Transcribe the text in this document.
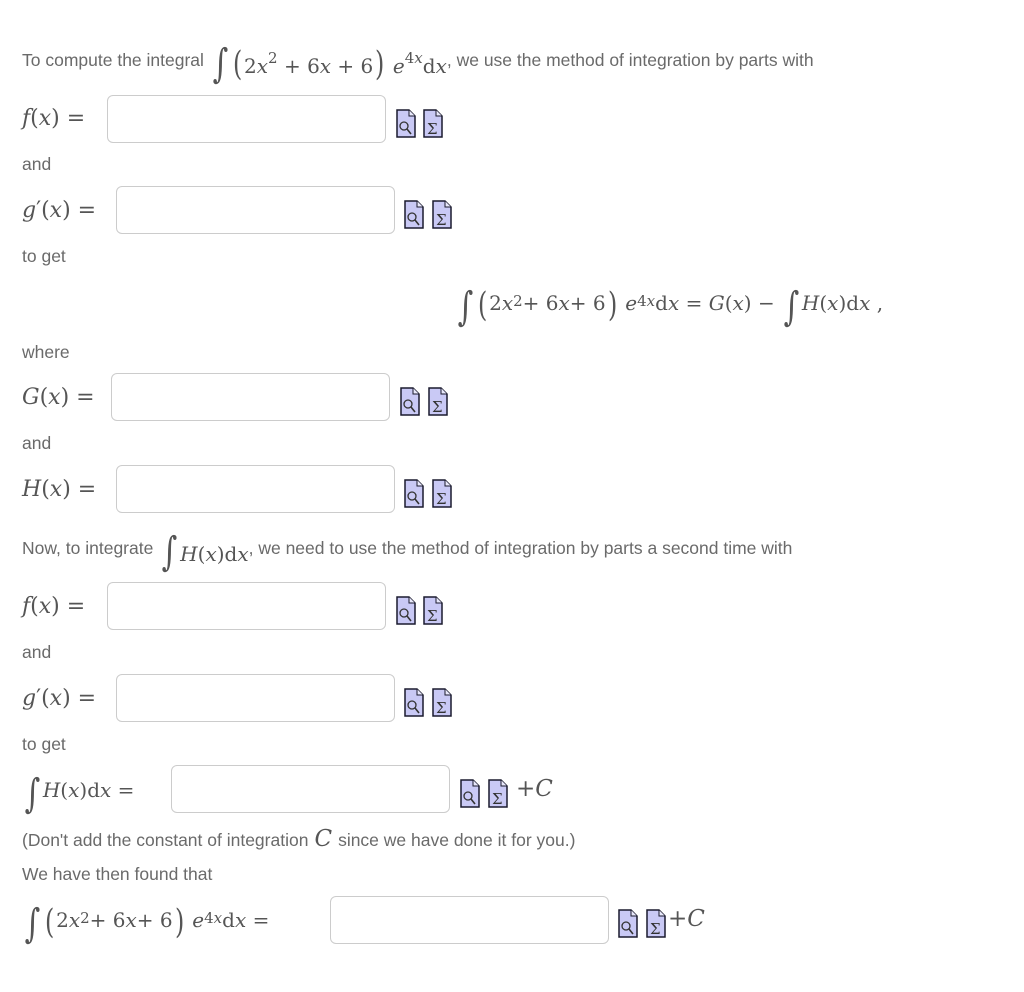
To compute the integral ∫ $(2x^2 + 6x + 6)$ $e^{4x}dx$ , we use the method of integration by parts with
f(x) =	Σ
and
g′(x) =	Σ
to get
∫ ( 2 $x^2 + 6$ x + 6 )
$e^{4x}$ d x = G ( x ) − ∫ H ( x )d x ,
where
G(x) =	Σ
and
H(x) =	Σ
Now, to integrate ∫ H(x)dx , we need to use the method of integration by parts a second time with
f(x) =	Σ
and
g′(x) =	Σ
to get
∫ H ( x )d x =	Σ +C
(Don't add the constant of integration C since we have done it for you.)
We have then found that
∫ ( 2 $x^2 + 6$ x + 6 )
$e^{4x}$ d x =	Σ +C
